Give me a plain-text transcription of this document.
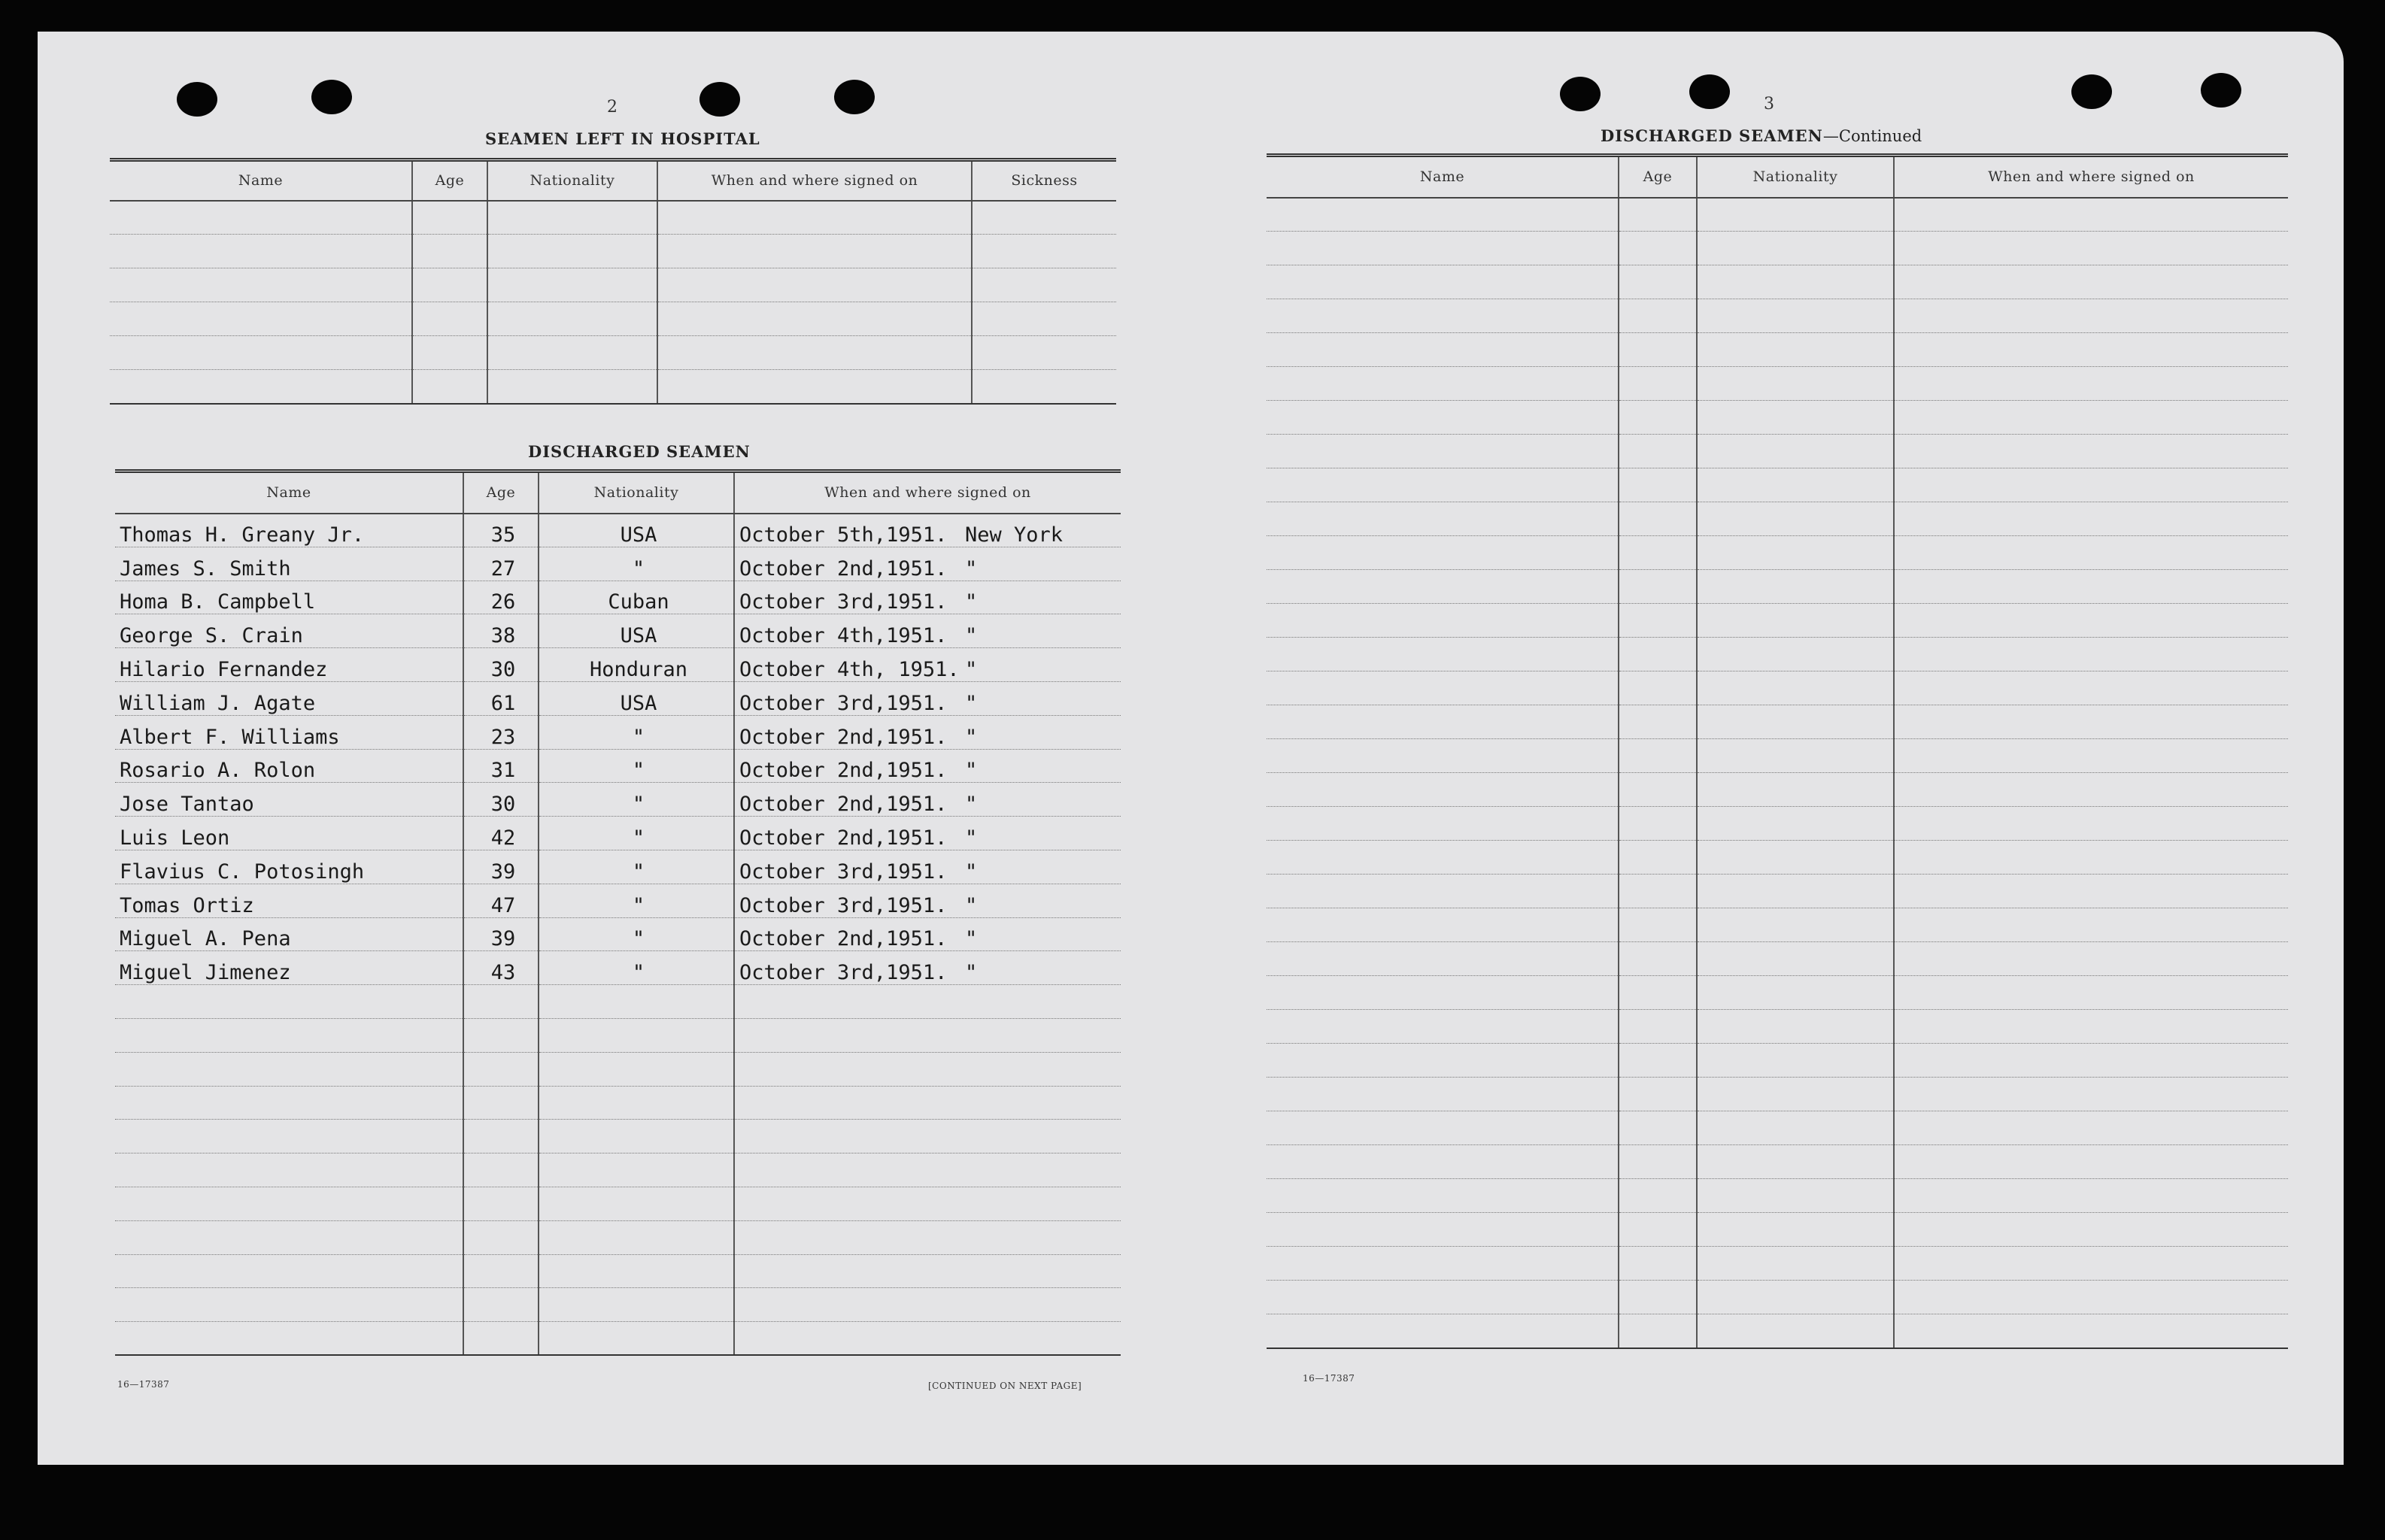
2
SEAMEN LEFT IN HOSPITAL
Name	Age	Nationality	When and where signed on	Sickness

DISCHARGED SEAMEN
Name	Age	Nationality	When and where signed on
Thomas H. Greany Jr.	35	USA	October 5th,1951. New York
James S. Smith	27	"	October 2nd,1951. "
Homa B. Campbell	26	Cuban	October 3rd,1951. "
George S. Crain	38	USA	October 4th,1951. "
Hilario Fernandez	30	Honduran	October 4th, 1951. "
William J. Agate	61	USA	October 3rd,1951. "
Albert F. Williams	23	"	October 2nd,1951. "
Rosario A. Rolon	31	"	October 2nd,1951. "
Jose Tantao	30	"	October 2nd,1951. "
Luis Leon	42	"	October 2nd,1951. "
Flavius C. Potosingh	39	"	October 3rd,1951. "
Tomas Ortiz	47	"	October 3rd,1951. "
Miguel A. Pena	39	"	October 2nd,1951. "
Miguel Jimenez	43	"	October 3rd,1951. "

16—17387	[CONTINUED ON NEXT PAGE]
3
DISCHARGED SEAMEN—Continued
Name	Age	Nationality	When and where signed on

16—17387
